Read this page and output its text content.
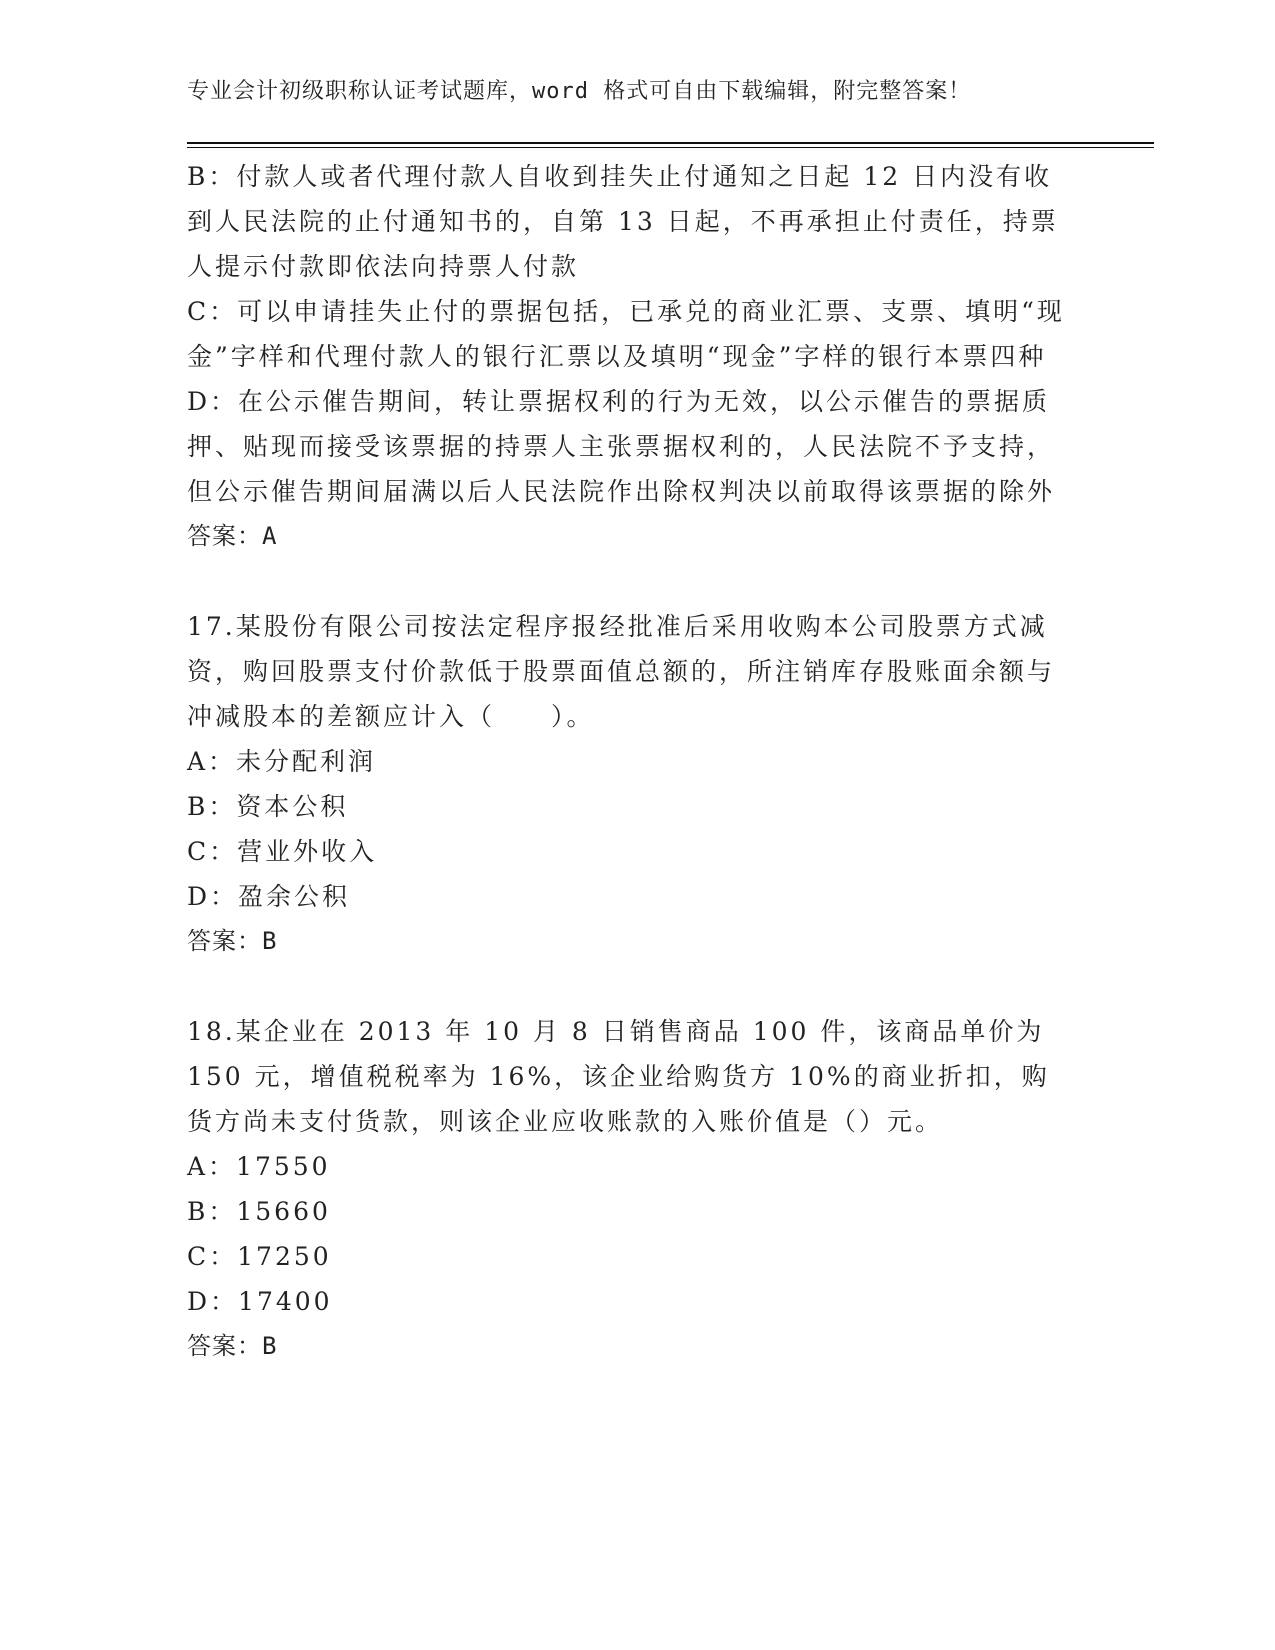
专业会计初级职称认证考试题库，word 格式可自由下载编辑，附完整答案！

B：付款人或者代理付款人自收到挂失止付通知之日起 12 日内没有收到人民法院的止付通知书的，自第 13 日起，不再承担止付责任，持票人提示付款即依法向持票人付款

C：可以申请挂失止付的票据包括，已承兑的商业汇票、支票、填明“现金”字样和代理付款人的银行汇票以及填明“现金”字样的银行本票四种

D：在公示催告期间，转让票据权利的行为无效，以公示催告的票据质押、贴现而接受该票据的持票人主张票据权利的，人民法院不予支持，但公示催告期间届满以后人民法院作出除权判决以前取得该票据的除外

答案：A

17.某股份有限公司按法定程序报经批准后采用收购本公司股票方式减资，购回股票支付价款低于股票面值总额的，所注销库存股账面余额与冲减股本的差额应计入（　　）。

A：未分配利润

B：资本公积

C：营业外收入

D：盈余公积

答案：B

18.某企业在 2013 年 10 月 8 日销售商品 100 件，该商品单价为 150 元，增值税税率为 16%，该企业给购货方 10%的商业折扣，购货方尚未支付货款，则该企业应收账款的入账价值是（）元。

A：17550

B：15660

C：17250

D：17400

答案：B
